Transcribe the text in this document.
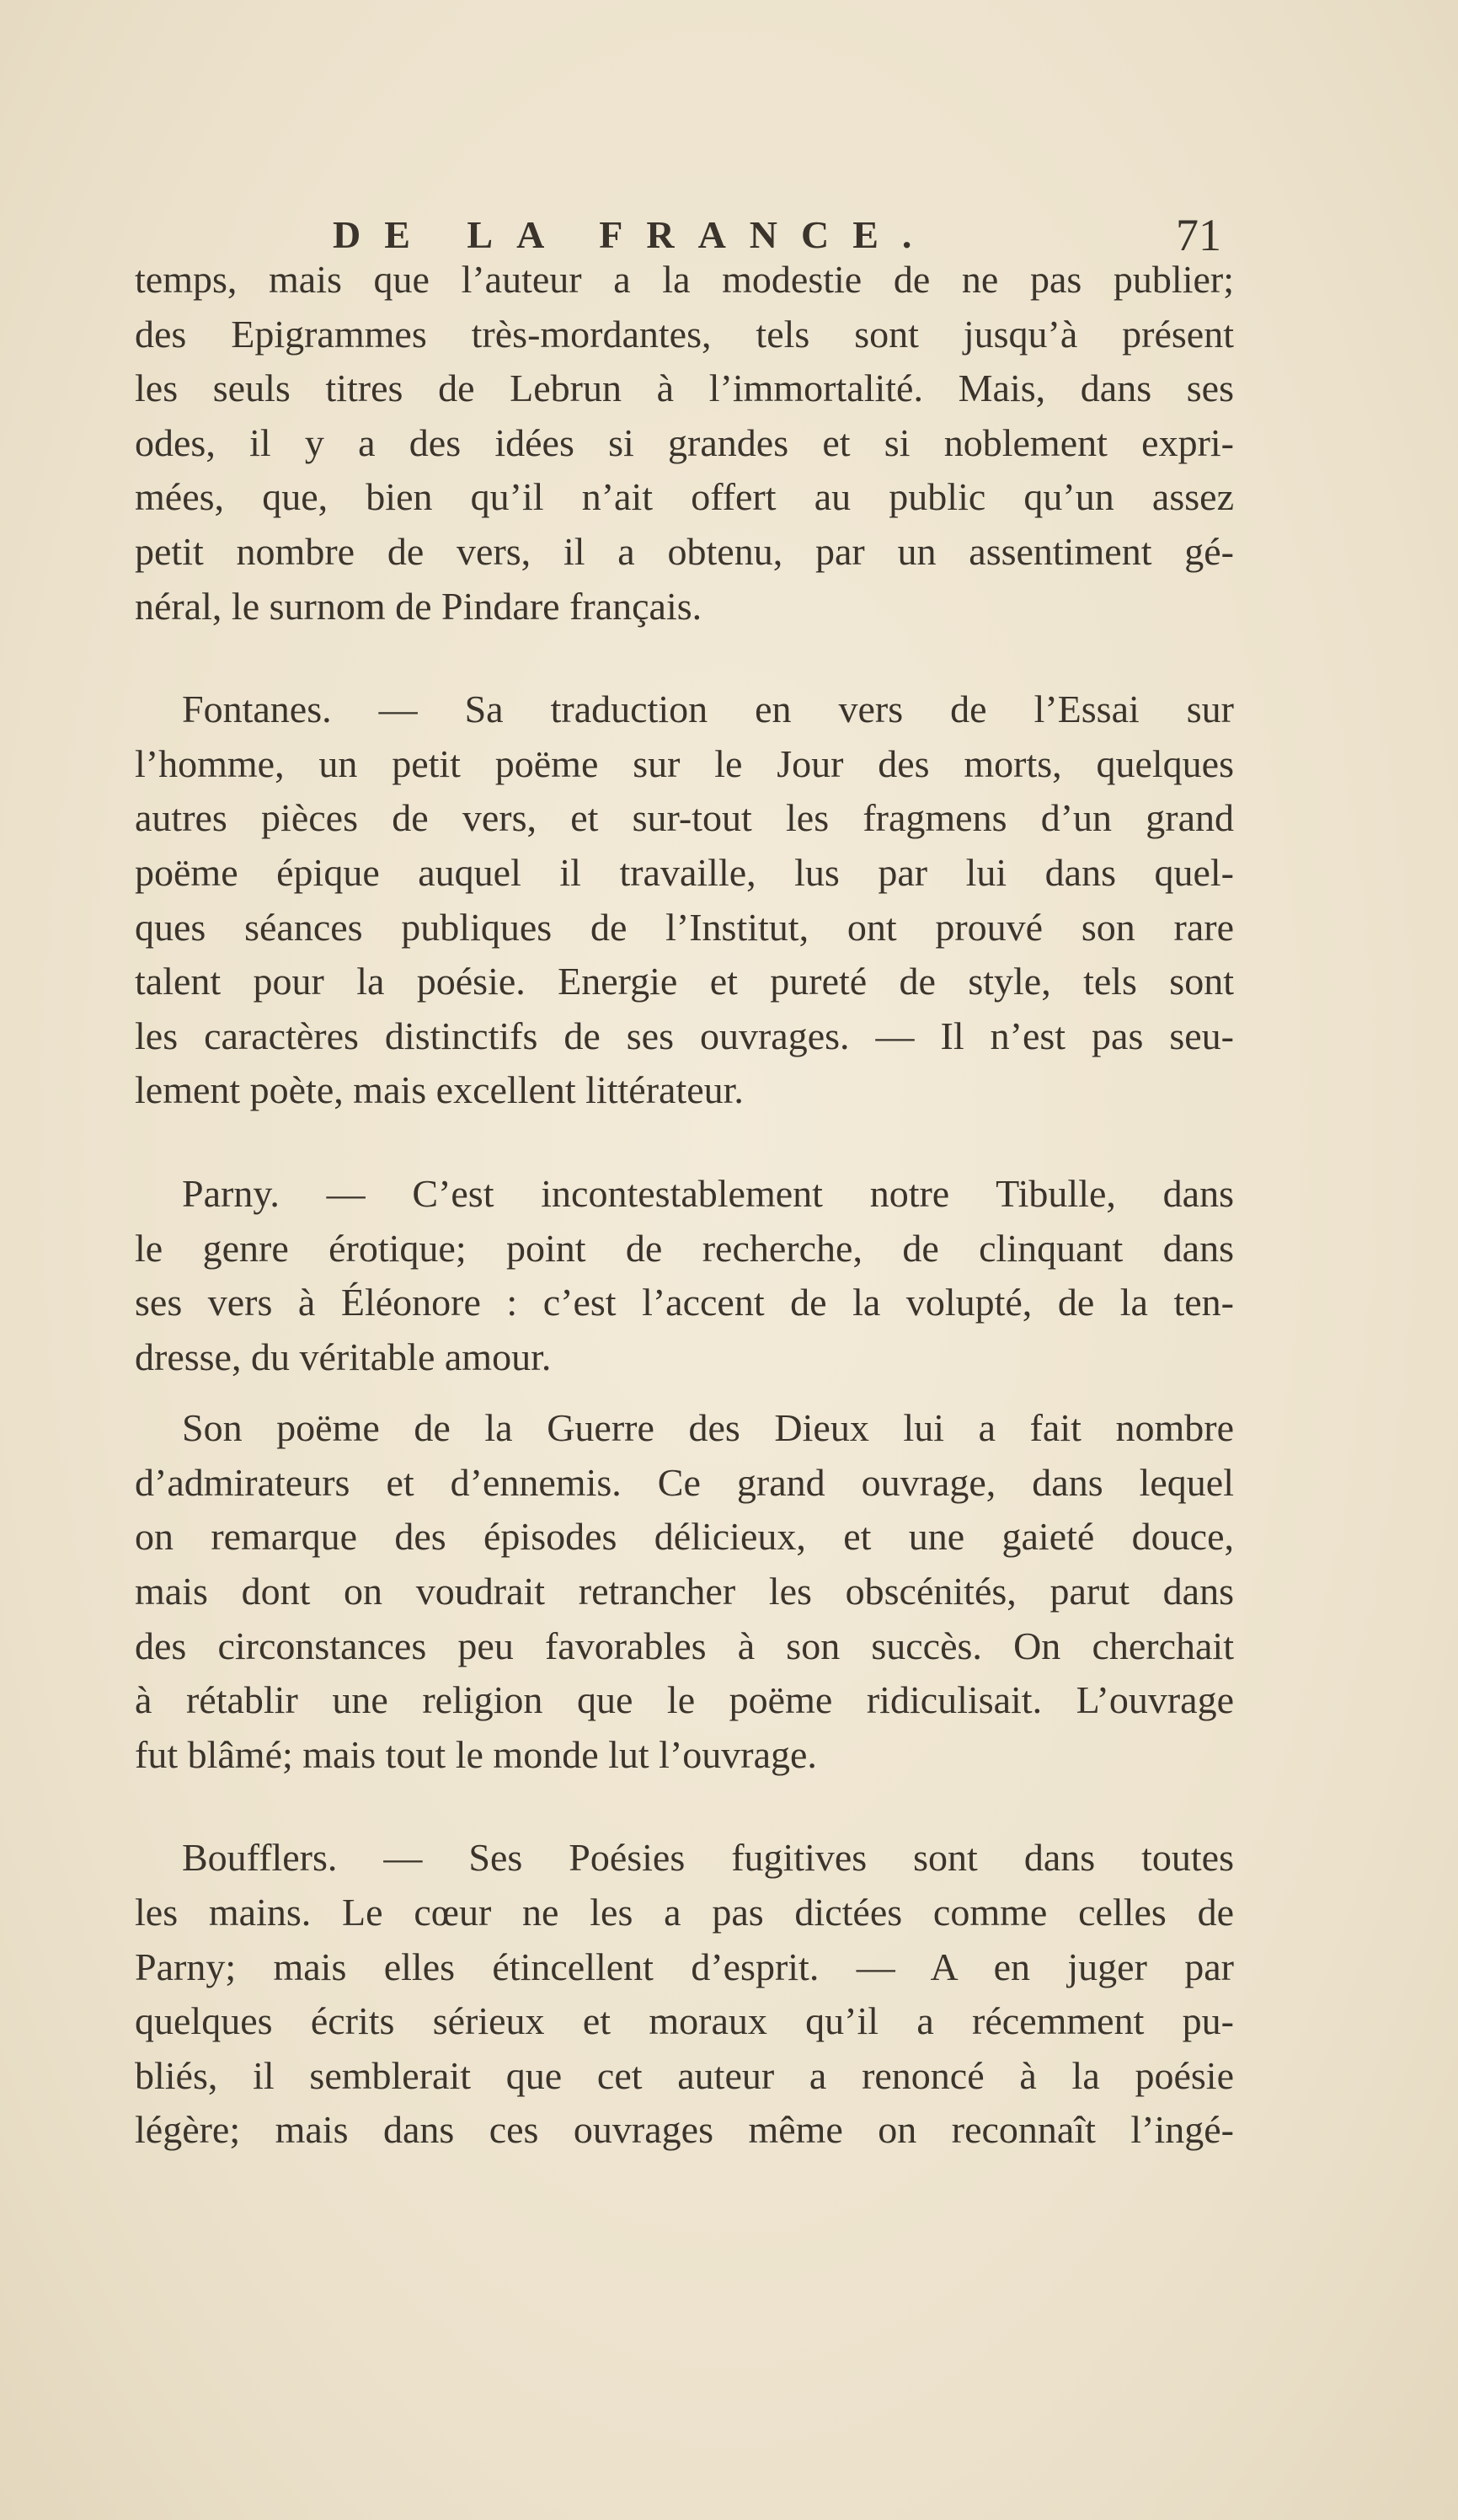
DE LA FRANCE.	71
temps, mais que l’auteur a la modestie de ne pas publier;
des Epigrammes très-mordantes, tels sont jusqu’à présent
les seuls titres de Lebrun à l’immortalité. Mais, dans ses
odes, il y a des idées si grandes et si noblement expri-
mées, que, bien qu’il n’ait offert au public qu’un assez
petit nombre de vers, il a obtenu, par un assentiment gé-
néral, le surnom de Pindare français.
Fontanes. — Sa traduction en vers de l’Essai sur
l’homme, un petit poëme sur le Jour des morts, quelques
autres pièces de vers, et sur-tout les fragmens d’un grand
poëme épique auquel il travaille, lus par lui dans quel-
ques séances publiques de l’Institut, ont prouvé son rare
talent pour la poésie. Energie et pureté de style, tels sont
les caractères distinctifs de ses ouvrages. — Il n’est pas seu-
lement poète, mais excellent littérateur.
Parny. — C’est incontestablement notre Tibulle, dans
le genre érotique; point de recherche, de clinquant dans
ses vers à Éléonore : c’est l’accent de la volupté, de la ten-
dresse, du véritable amour.
Son poëme de la Guerre des Dieux lui a fait nombre
d’admirateurs et d’ennemis. Ce grand ouvrage, dans lequel
on remarque des épisodes délicieux, et une gaieté douce,
mais dont on voudrait retrancher les obscénités, parut dans
des circonstances peu favorables à son succès. On cherchait
à rétablir une religion que le poëme ridiculisait. L’ouvrage
fut blâmé; mais tout le monde lut l’ouvrage.
Boufflers. — Ses Poésies fugitives sont dans toutes
les mains. Le cœur ne les a pas dictées comme celles de
Parny; mais elles étincellent d’esprit. — A en juger par
quelques écrits sérieux et moraux qu’il a récemment pu-
bliés, il semblerait que cet auteur a renoncé à la poésie
légère; mais dans ces ouvrages même on reconnaît l’ingé-
